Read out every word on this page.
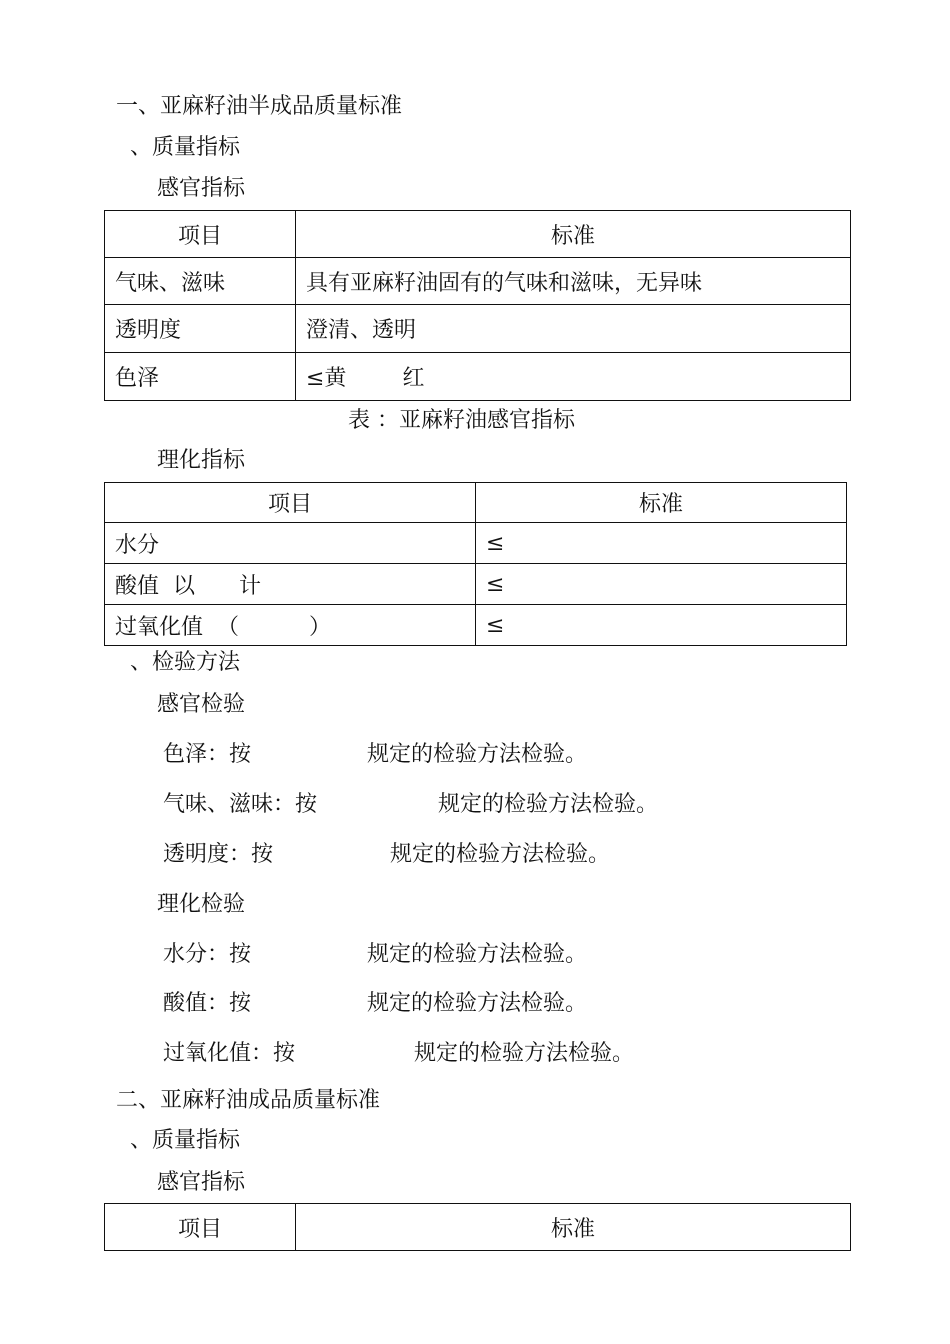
一、亚麻籽油半成品质量标准
、质量指标
感官指标
项目	标准
气味、滋味	具有亚麻籽油固有的气味和滋味，无异味
透明度	澄清、透明
色泽	≤黄 红
表 ：亚麻籽油感官指标
理化指标
项目	标准
水分	≤
酸值  以 计	≤
过氧化值  （ ）	≤
、检验方法
感官检验
色泽：按	规定的检验方法检验。
气味、滋味：按	规定的检验方法检验。
透明度：按	规定的检验方法检验。
理化检验
水分：按	规定的检验方法检验。
酸值：按	规定的检验方法检验。
过氧化值：按	规定的检验方法检验。
二、亚麻籽油成品质量标准
、质量指标
感官指标
项目	标准
